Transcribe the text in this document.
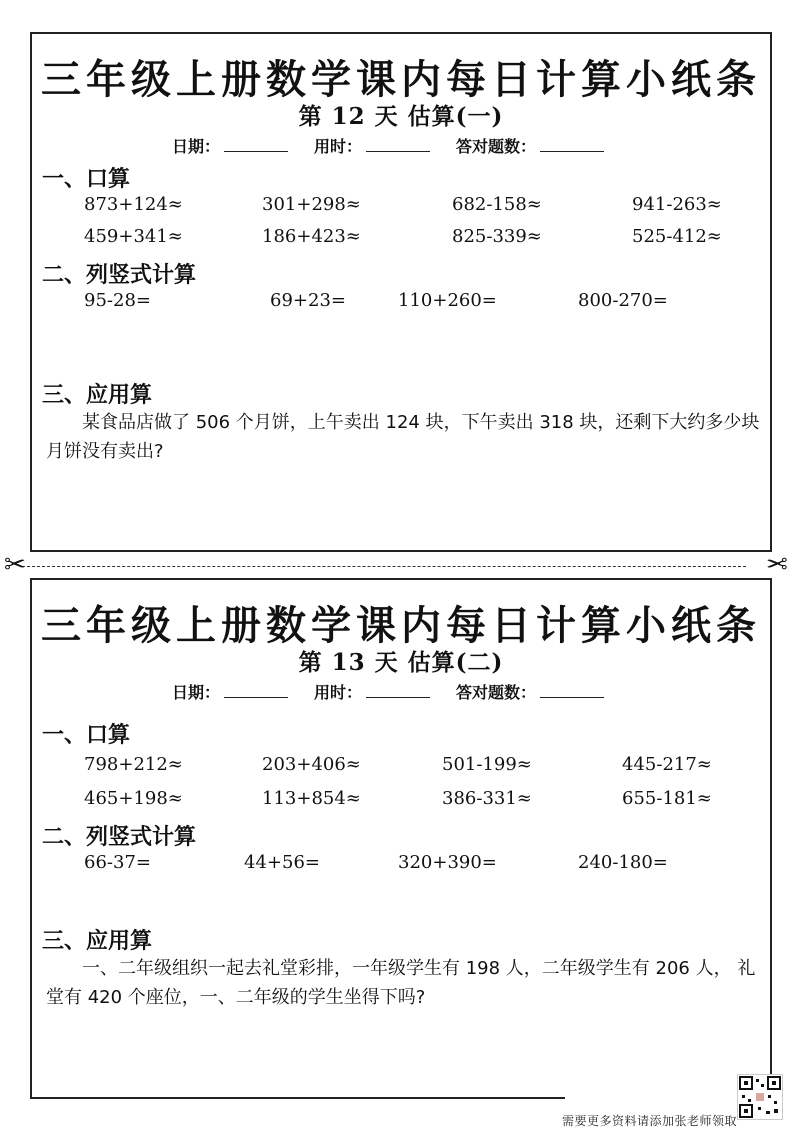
三年级上册数学课内每日计算小纸条
第 12 天 估算(一)
日期：	用时：	答对题数：
一、口算
873+124≈	301+298≈	682-158≈	941-263≈
459+341≈	186+423≈	825-339≈	525-412≈
二、列竖式计算
95-28=	69+23=	110+260=	800-270=
三、应用算
某食品店做了 506 个月饼，上午卖出 124 块，下午卖出 318 块，还剩下大约多少块月饼没有卖出?
✂	✂
三年级上册数学课内每日计算小纸条
第 13 天 估算(二)
日期：	用时：	答对题数：
一、口算
798+212≈	203+406≈	501-199≈	445-217≈
465+198≈	113+854≈	386-331≈	655-181≈
二、列竖式计算
66-37=	44+56=	320+390=	240-180=
三、应用算
一、二年级组织一起去礼堂彩排，一年级学生有 198 人，二年级学生有 206 人， 礼堂有 420 个座位，一、二年级的学生坐得下吗?
需要更多资料请添加张老师领取
